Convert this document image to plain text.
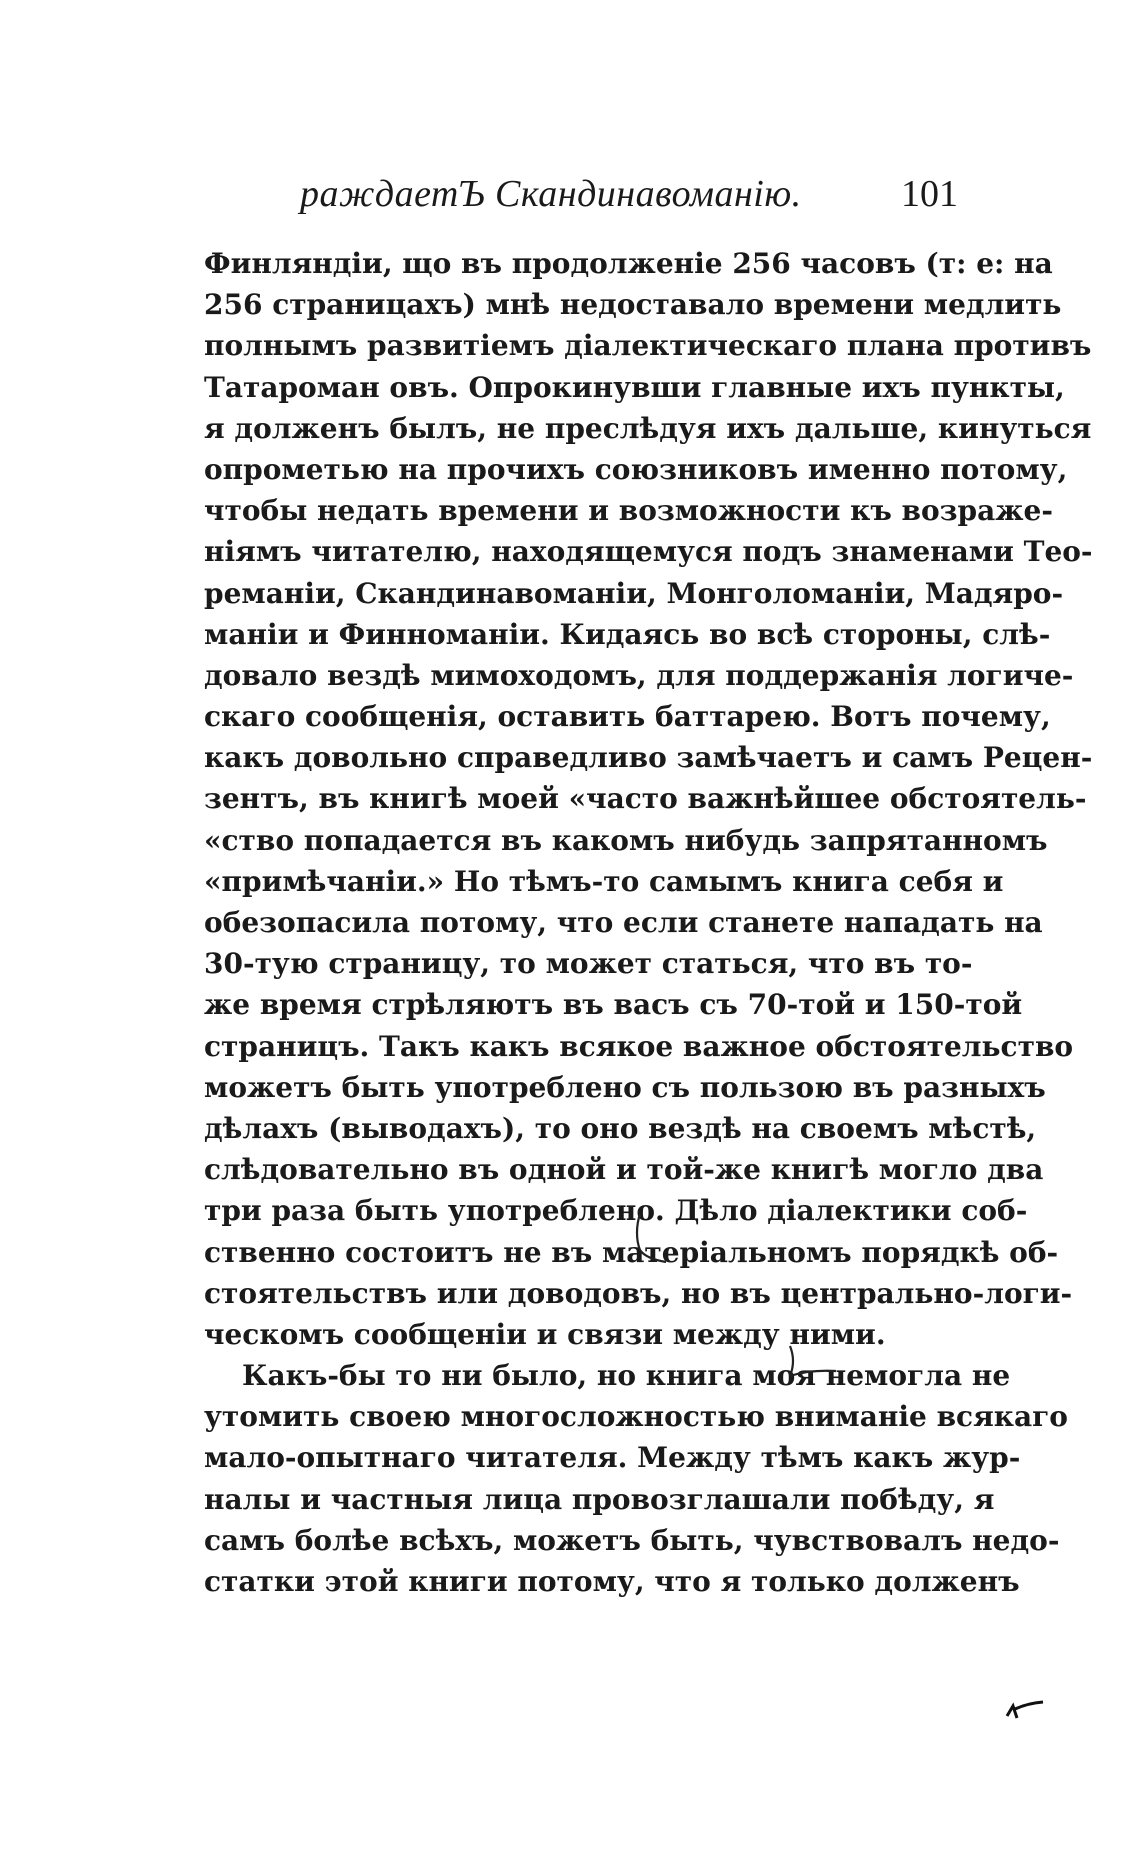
раждаетЪ Скандинавоманію.	101
Финляндіи, що въ продолженіе 256 часовъ (т: е: на
256 страницахъ) мнѣ недоставало времени медлить
полнымъ развитіемъ діалектическаго плана противъ
Татароман овъ. Опрокинувши главные ихъ пункты,
я долженъ былъ, не преслѣдуя ихъ дальше, кинуться
опрометью на прочихъ союзниковъ именно потому,
чтобы недать времени и возможности къ возраже-
ніямъ читателю, находящемуся подъ знаменами Тео-
реманіи, Скандинавоманіи, Монголоманіи, Мадяро-
маніи и Финноманіи. Кидаясь во всѣ стороны, слѣ-
довало вездѣ мимоходомъ, для поддержанія логиче-
скаго сообщенія, оставить баттарею. Вотъ почему,
какъ довольно справедливо замѣчаетъ и самъ Рецен-
зентъ, въ книгѣ моей «часто важнѣйшее обстоятель-
«ство попадается въ какомъ нибудь запрятанномъ
«примѣчаніи.» Но тѣмъ-то самымъ книга себя и
обезопасила потому, что если станете нападать на
30-тую страницу, то может статься, что въ то-
же время стрѣляютъ въ васъ съ 70-той и 150-той
страницъ. Такъ какъ всякое важное обстоятельство
можетъ быть употреблено съ пользою въ разныхъ
дѣлахъ (выводахъ), то оно вездѣ на своемъ мѣстѣ,
слѣдовательно въ одной и той-же книгѣ могло два
три раза быть употреблено. Дѣло діалектики соб-
ственно состоитъ не въ матеріальномъ порядкѣ об-
стоятельствъ или доводовъ, но въ центрально-логи-
ческомъ сообщеніи и связи между ними.
Какъ-бы то ни было, но книга моя немогла не
утомить своею многосложностью вниманіе всякаго
мало-опытнаго читателя. Между тѣмъ какъ жур-
налы и частныя лица провозглашали побѣду, я
самъ болѣе всѣхъ, можетъ быть, чувствовалъ недо-
статки этой книги потому, что я только долженъ
